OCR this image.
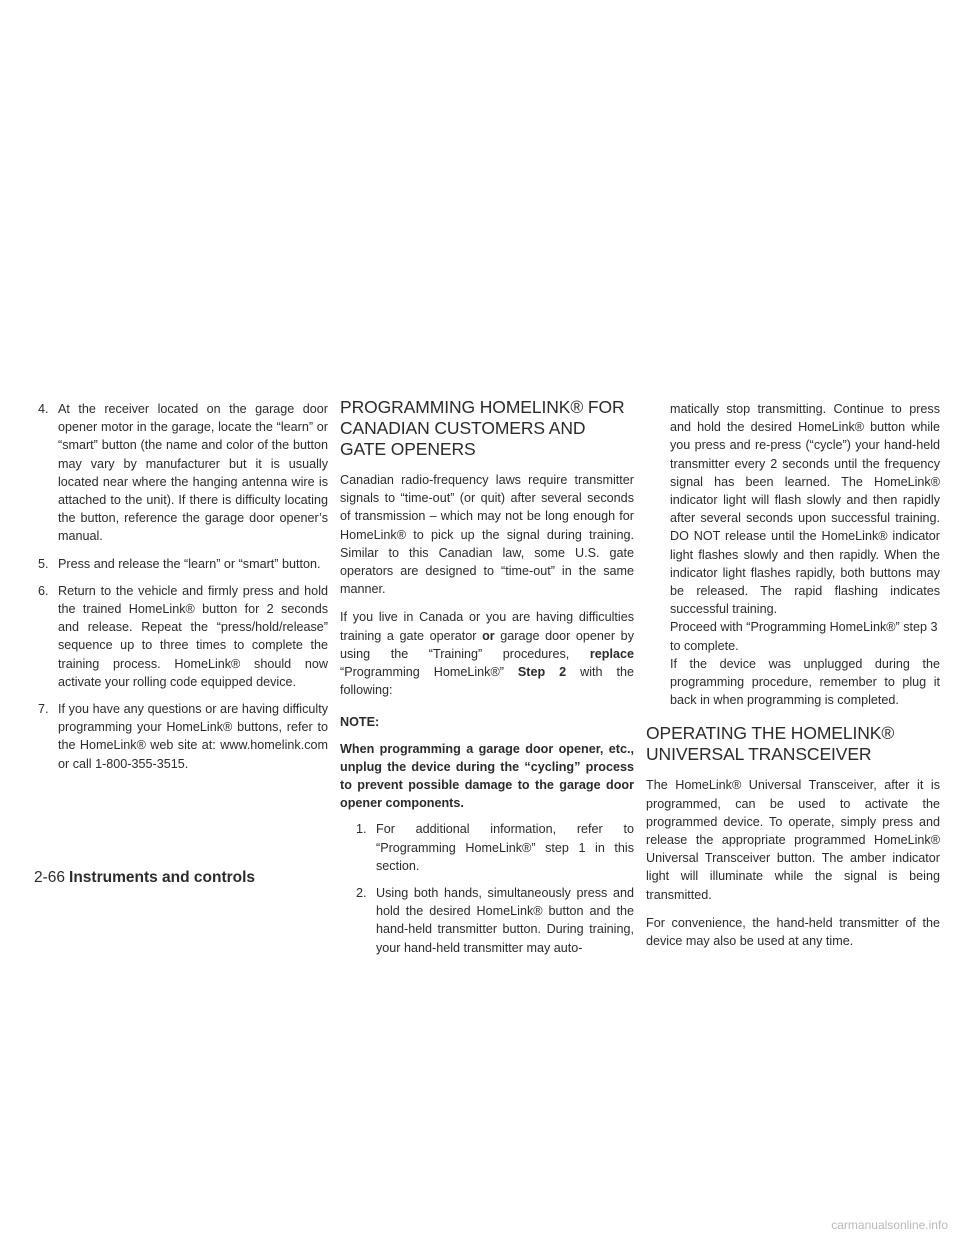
4. At the receiver located on the garage door opener motor in the garage, locate the “learn” or “smart” button (the name and color of the button may vary by manufacturer but it is usually located near where the hanging antenna wire is attached to the unit). If there is difficulty locating the button, reference the garage door opener’s manual.
5. Press and release the “learn” or “smart” button.
6. Return to the vehicle and firmly press and hold the trained HomeLink® button for 2 seconds and release. Repeat the “press/hold/release” sequence up to three times to complete the training process. HomeLink® should now activate your rolling code equipped device.
7. If you have any questions or are having difficulty programming your HomeLink® buttons, refer to the HomeLink® web site at: www.homelink.com or call 1-800-355-3515.
PROGRAMMING HOMELINK® FOR CANADIAN CUSTOMERS AND GATE OPENERS

Canadian radio-frequency laws require transmitter signals to “time-out” (or quit) after several seconds of transmission – which may not be long enough for HomeLink® to pick up the signal during training. Similar to this Canadian law, some U.S. gate operators are designed to “time-out” in the same manner.

If you live in Canada or you are having difficulties training a gate operator or garage door opener by using the “Training” procedures, replace “Programming HomeLink®” Step 2 with the following:

NOTE:
When programming a garage door opener, etc., unplug the device during the “cycling” process to prevent possible damage to the garage door opener components.
1. For additional information, refer to “Programming HomeLink®” step 1 in this section.
2. Using both hands, simultaneously press and hold the desired HomeLink® button and the hand-held transmitter button. During training, your hand-held transmitter may auto-

matically stop transmitting. Continue to press and hold the desired HomeLink® button while you press and re-press (“cycle”) your hand-held transmitter every 2 seconds until the frequency signal has been learned. The HomeLink® indicator light will flash slowly and then rapidly after several seconds upon successful training. DO NOT release until the HomeLink® indicator light flashes slowly and then rapidly. When the indicator light flashes rapidly, both buttons may be released. The rapid flashing indicates successful training.

Proceed with “Programming HomeLink®” step 3 to complete.

If the device was unplugged during the programming procedure, remember to plug it back in when programming is completed.

OPERATING THE HOMELINK® UNIVERSAL TRANSCEIVER

The HomeLink® Universal Transceiver, after it is programmed, can be used to activate the programmed device. To operate, simply press and release the appropriate programmed HomeLink® Universal Transceiver button. The amber indicator light will illuminate while the signal is being transmitted.

For convenience, the hand-held transmitter of the device may also be used at any time.

2-66 Instruments and controls
carmanualsonline.info
